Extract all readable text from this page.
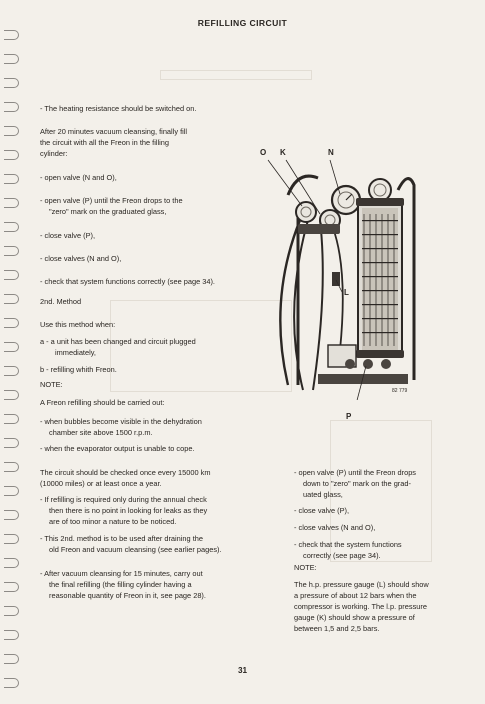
REFILLING CIRCUIT
- The heating resistance should be switched on.
After 20 minutes vacuum cleansing, finally fill
the circuit with all the Freon in the filling
cylinder:
- open valve (N and O),
- open valve (P) until the Freon drops to the
"zero" mark on the graduated glass,
- close valve (P),
- close valves (N and O),
- check that system functions correctly (see page 34).
2nd. Method
Use this method when:
a - a unit has been changed and circuit plugged
immediately,
b - refilling whith Freon.
NOTE:
A Freon refilling should be carried out:
- when bubbles become visible in the dehydration
chamber site above 1500 r.p.m.
- when the evaporator output is unable to cope.
The circuit should be checked once every 15000 km
(10000 miles) or at least once a year.
- If refilling is required only during the annual check
then there is no point in looking for leaks as they
are of too minor a nature to be noticed.
- This 2nd. method is to be used after draining the
old Freon and vacuum cleansing (see earlier pages).
- After vacuum cleansing for 15 minutes, carry out
the final refilling (the filling cylinder having a
reasonable quantity of Freon in it, see page 28).
- open valve (P) until the Freon drops
down to "zero" mark on the grad-
uated glass,
- close valve (P),
- close valves (N and O),
- check that the system functions
correctly (see page 34).
NOTE:
The h.p. pressure gauge (L) should show
a pressure of about 12 bars when the
compressor is working. The l.p. pressure
gauge (K) should show a pressure of
between 1,5 and 2,5 bars.
O K	N
L
P
82 779
31
